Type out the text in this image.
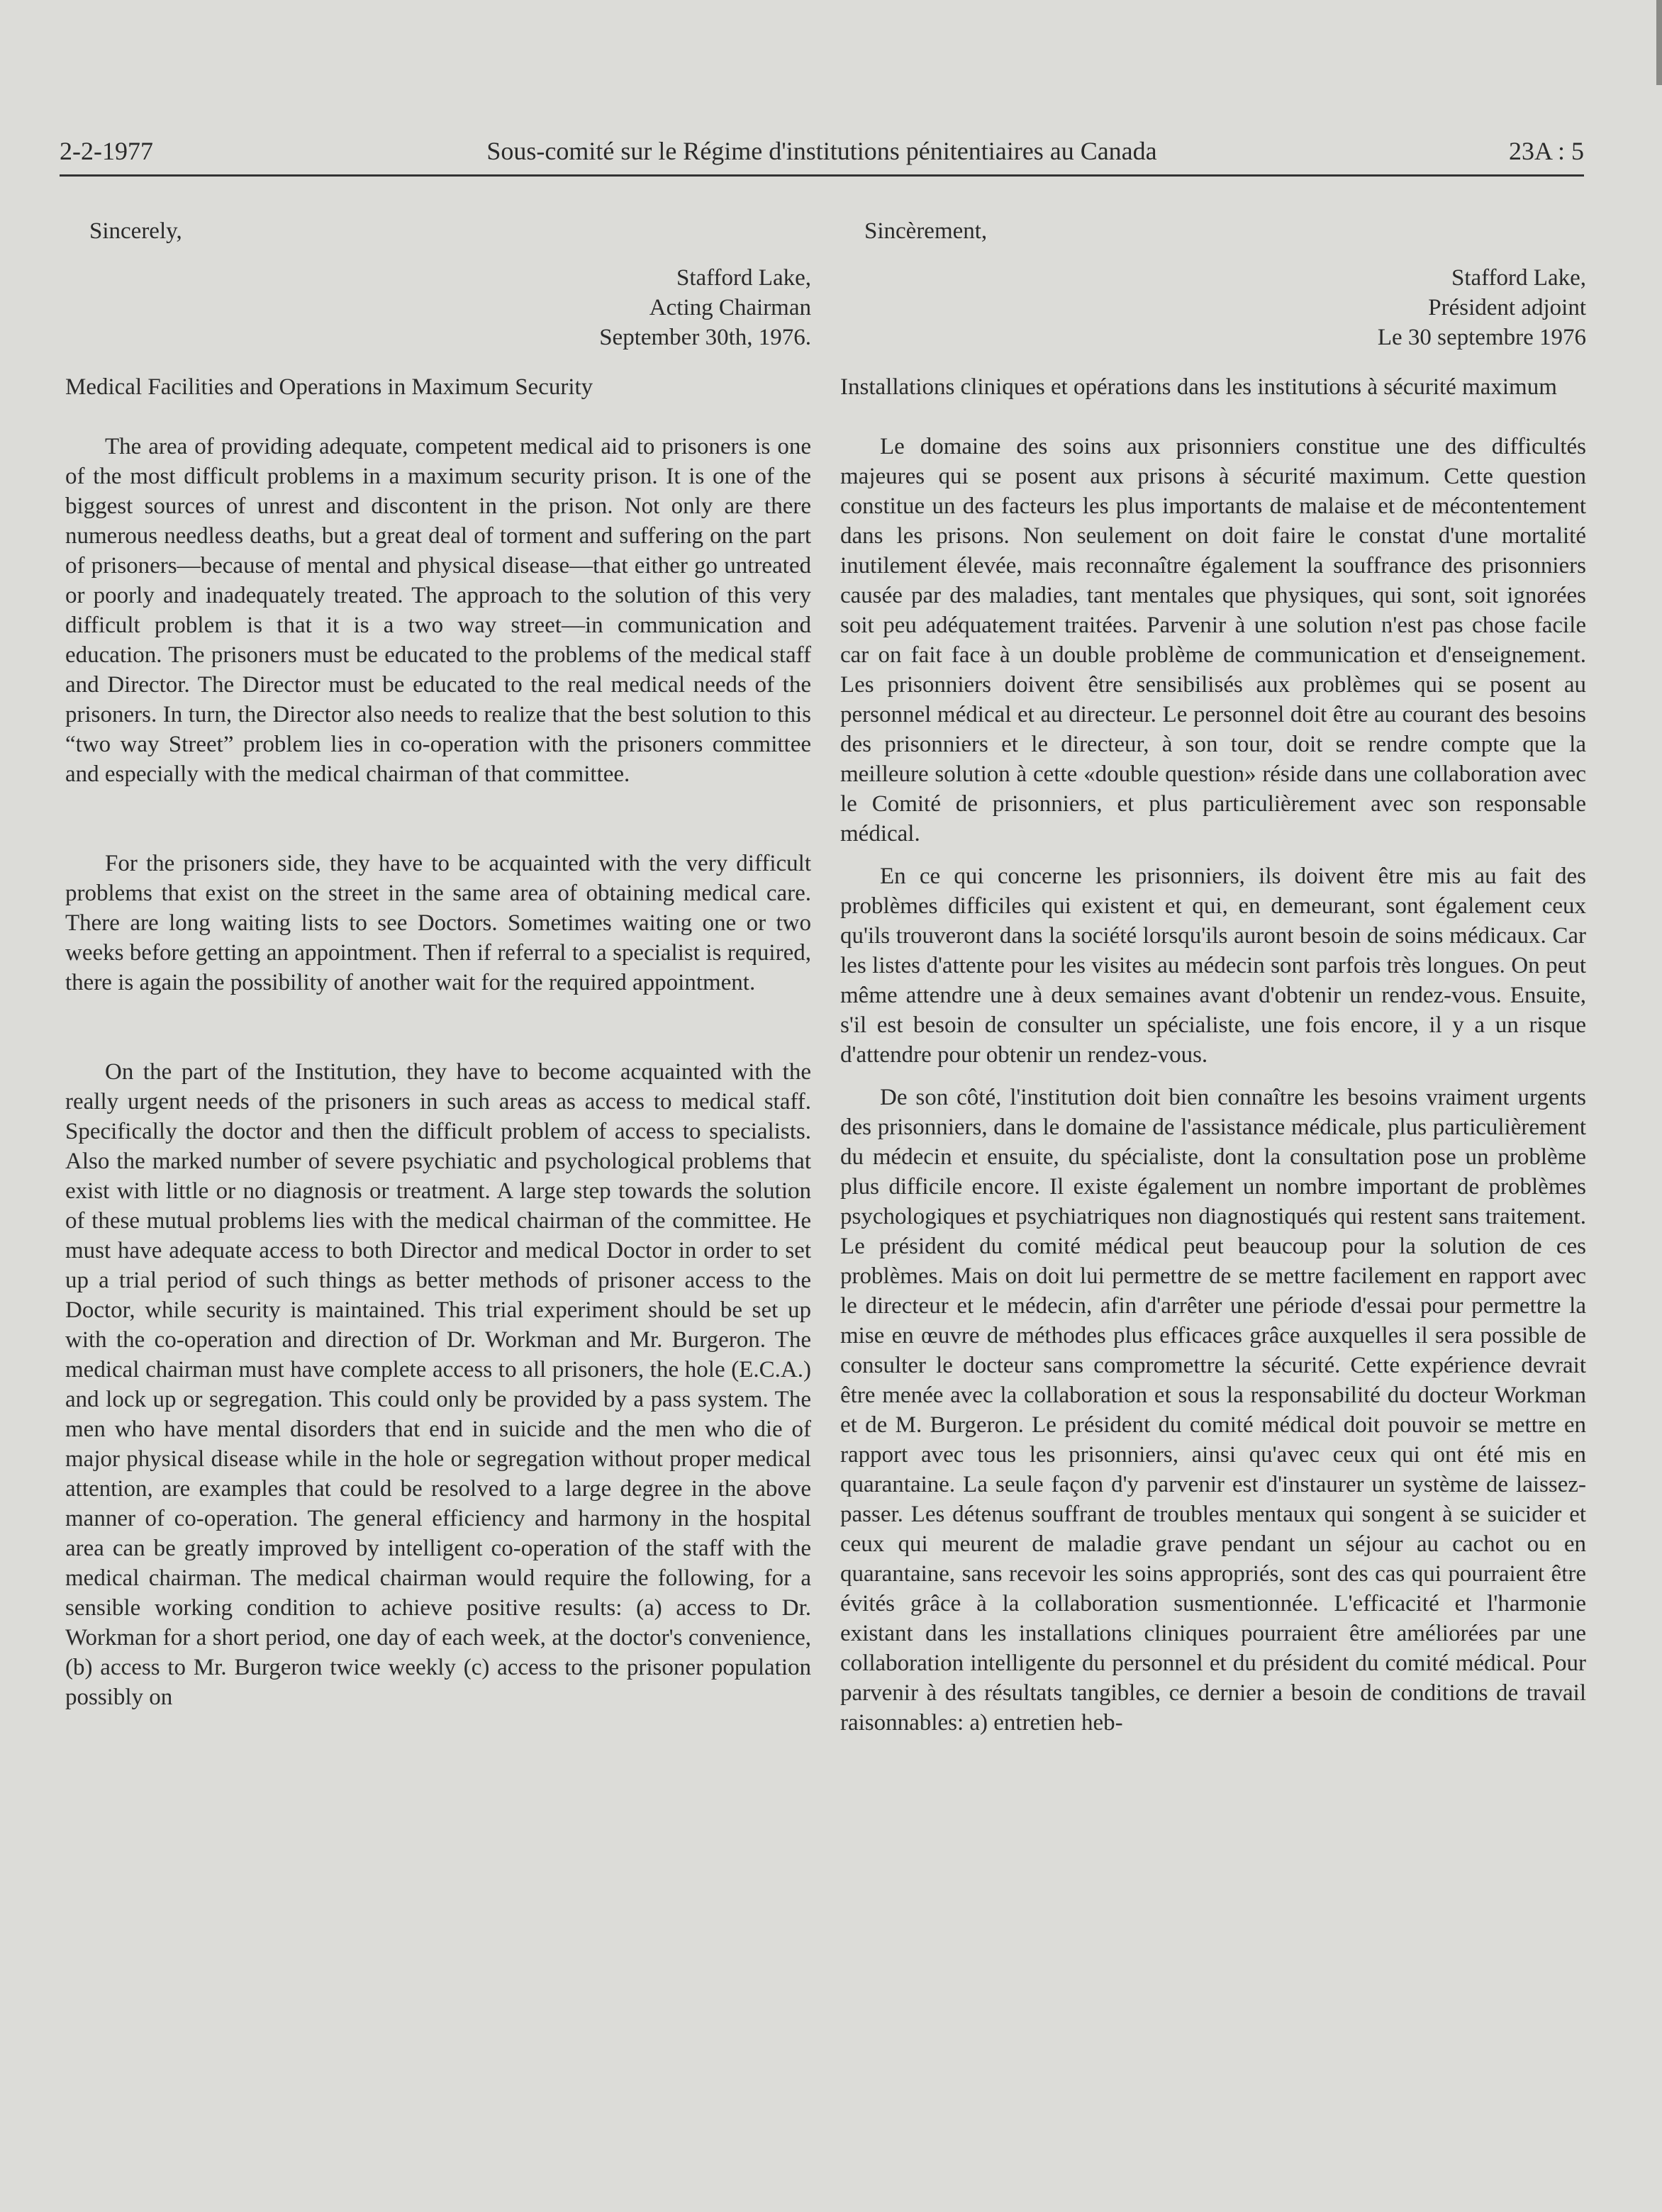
2-2-1977	Sous-comité sur le Régime d'institutions pénitentiaires au Canada	23A : 5
Sincerely,
Stafford Lake,
Acting Chairman
September 30th, 1976.
Medical Facilities and Operations in Maximum Security

The area of providing adequate, competent medical aid to prisoners is one of the most difficult problems in a maximum security prison. It is one of the biggest sources of unrest and discontent in the prison. Not only are there numerous needless deaths, but a great deal of torment and suffering on the part of prisoners—because of mental and physical disease—that either go untreated or poorly and inadequately treated. The approach to the solution of this very difficult problem is that it is a two way street—in communication and education. The prisoners must be educated to the problems of the medical staff and Director. The Director must be educated to the real medical needs of the prisoners. In turn, the Director also needs to realize that the best solution to this “two way Street” problem lies in co-operation with the prisoners committee and especially with the medical chairman of that committee.

For the prisoners side, they have to be acquainted with the very difficult problems that exist on the street in the same area of obtaining medical care. There are long waiting lists to see Doctors. Sometimes waiting one or two weeks before getting an appointment. Then if referral to a specialist is required, there is again the possibility of another wait for the required appointment.

On the part of the Institution, they have to become acquainted with the really urgent needs of the prisoners in such areas as access to medical staff. Specifically the doctor and then the difficult problem of access to specialists. Also the marked number of severe psychiatic and psychological problems that exist with little or no diagnosis or treatment. A large step towards the solution of these mutual problems lies with the medical chairman of the committee. He must have adequate access to both Director and medical Doctor in order to set up a trial period of such things as better methods of prisoner access to the Doctor, while security is maintained. This trial experiment should be set up with the co-operation and direction of Dr. Workman and Mr. Burgeron. The medical chairman must have complete access to all prisoners, the hole (E.C.A.) and lock up or segregation. This could only be provided by a pass system. The men who have mental disorders that end in suicide and the men who die of major physical disease while in the hole or segregation without proper medical attention, are examples that could be resolved to a large degree in the above manner of co-operation. The general efficiency and harmony in the hospital area can be greatly improved by intelligent co-operation of the staff with the medical chairman. The medical chairman would require the following, for a sensible working condition to achieve positive results: (a) access to Dr. Workman for a short period, one day of each week, at the doctor's convenience, (b) access to Mr. Burgeron twice weekly (c) access to the prisoner population possibly on

Sincèrement,
Stafford Lake,
Président adjoint
Le 30 septembre 1976
Installations cliniques et opérations dans les institutions à sécurité maximum

Le domaine des soins aux prisonniers constitue une des difficultés majeures qui se posent aux prisons à sécurité maximum. Cette question constitue un des facteurs les plus importants de malaise et de mécontentement dans les prisons. Non seulement on doit faire le constat d'une mortalité inutilement élevée, mais reconnaître également la souffrance des prisonniers causée par des maladies, tant mentales que physiques, qui sont, soit ignorées soit peu adéquatement traitées. Parvenir à une solution n'est pas chose facile car on fait face à un double problème de communication et d'enseignement. Les prisonniers doivent être sensibilisés aux problèmes qui se posent au personnel médical et au directeur. Le personnel doit être au courant des besoins des prisonniers et le directeur, à son tour, doit se rendre compte que la meilleure solution à cette «double question» réside dans une collaboration avec le Comité de prisonniers, et plus particulièrement avec son responsable médical.

En ce qui concerne les prisonniers, ils doivent être mis au fait des problèmes difficiles qui existent et qui, en demeurant, sont également ceux qu'ils trouveront dans la société lorsqu'ils auront besoin de soins médicaux. Car les listes d'attente pour les visites au médecin sont parfois très longues. On peut même attendre une à deux semaines avant d'obtenir un rendez-vous. Ensuite, s'il est besoin de consulter un spécialiste, une fois encore, il y a un risque d'attendre pour obtenir un rendez-vous.

De son côté, l'institution doit bien connaître les besoins vraiment urgents des prisonniers, dans le domaine de l'assistance médicale, plus particulièrement du médecin et ensuite, du spécialiste, dont la consultation pose un problème plus difficile encore. Il existe également un nombre important de problèmes psychologiques et psychiatriques non diagnostiqués qui restent sans traitement. Le président du comité médical peut beaucoup pour la solution de ces problèmes. Mais on doit lui permettre de se mettre facilement en rapport avec le directeur et le médecin, afin d'arrêter une période d'essai pour permettre la mise en œuvre de méthodes plus efficaces grâce auxquelles il sera possible de consulter le docteur sans compromettre la sécurité. Cette expérience devrait être menée avec la collaboration et sous la responsabilité du docteur Workman et de M. Burgeron. Le président du comité médical doit pouvoir se mettre en rapport avec tous les prisonniers, ainsi qu'avec ceux qui ont été mis en quarantaine. La seule façon d'y parvenir est d'instaurer un système de laissez-passer. Les détenus souffrant de troubles mentaux qui songent à se suicider et ceux qui meurent de maladie grave pendant un séjour au cachot ou en quarantaine, sans recevoir les soins appropriés, sont des cas qui pourraient être évités grâce à la collaboration susmentionnée. L'efficacité et l'harmonie existant dans les installations cliniques pourraient être améliorées par une collaboration intelligente du personnel et du président du comité médical. Pour parvenir à des résultats tangibles, ce dernier a besoin de conditions de travail raisonnables: a) entretien heb-
